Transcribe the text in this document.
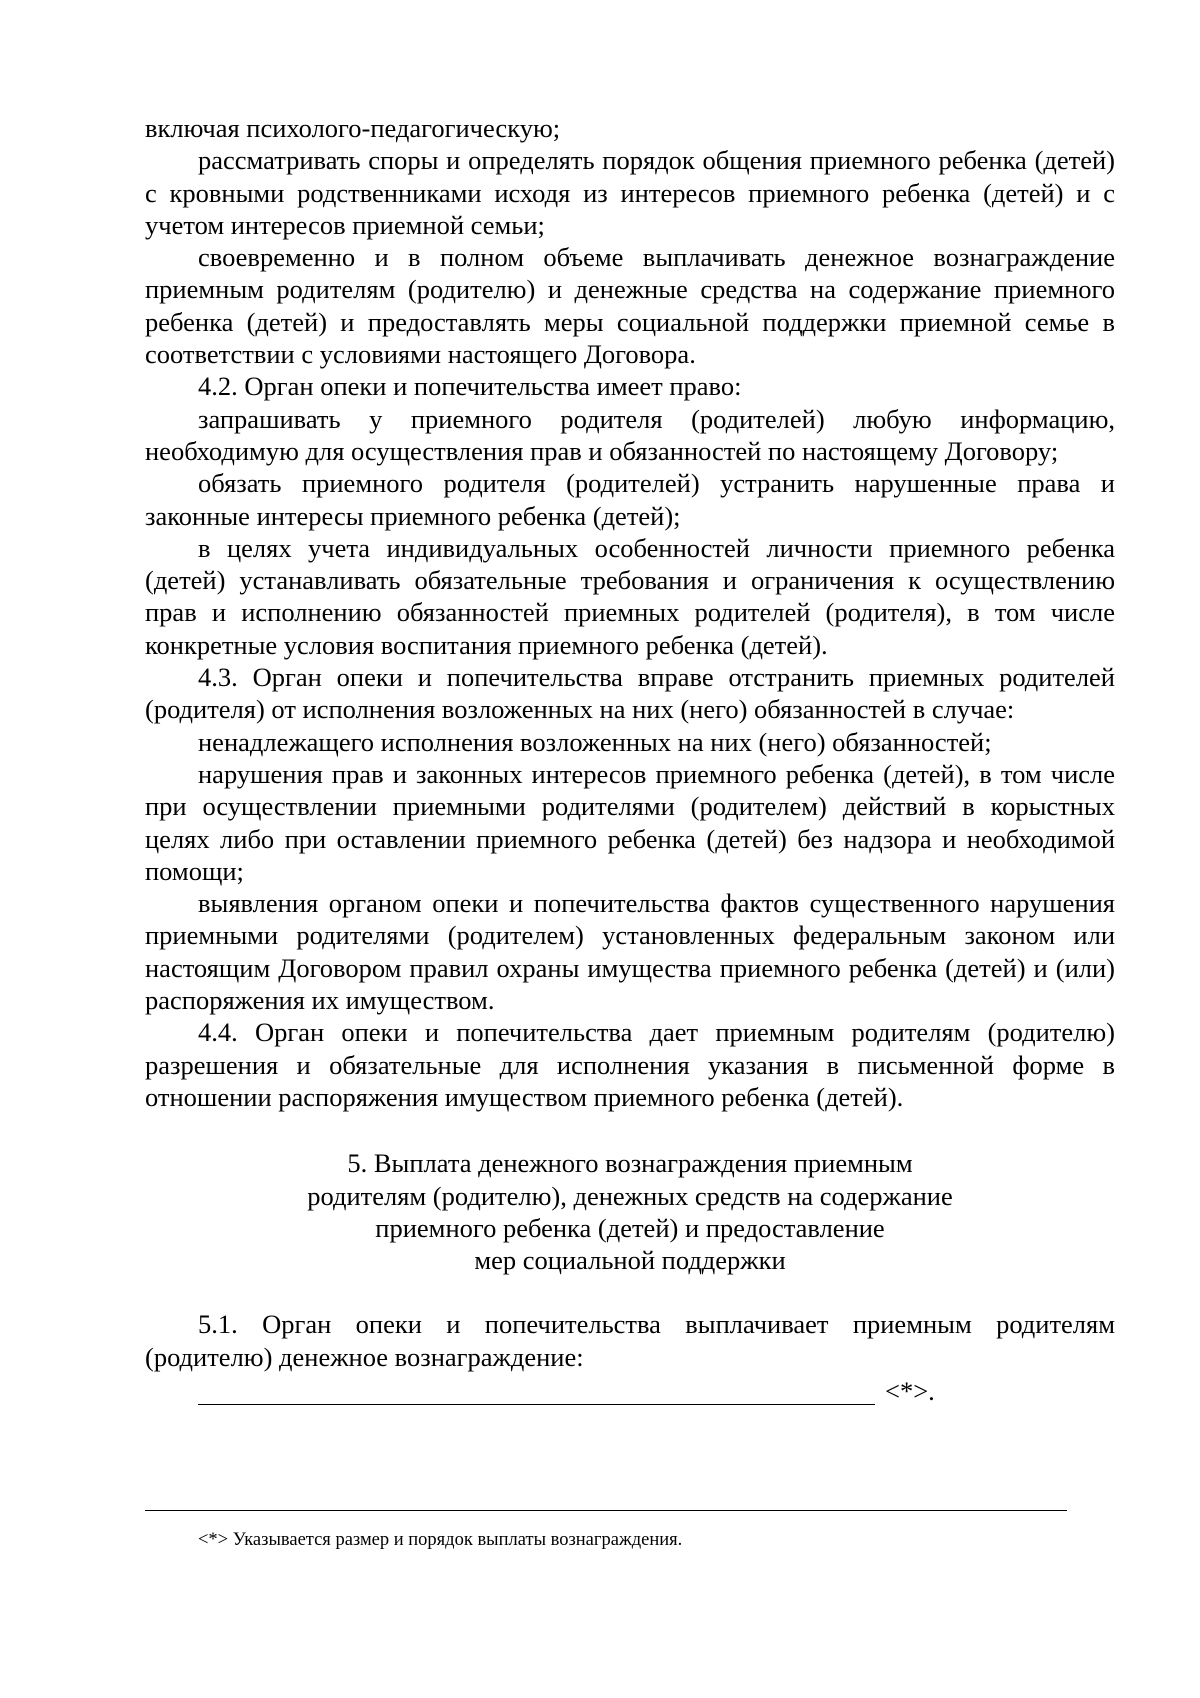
включая психолого-педагогическую;

рассматривать споры и определять порядок общения приемного ребенка (детей) с кровными родственниками исходя из интересов приемного ребенка (детей) и с учетом интересов приемной семьи;

своевременно и в полном объеме выплачивать денежное вознаграждение приемным родителям (родителю) и денежные средства на содержание приемного ребенка (детей) и предоставлять меры социальной поддержки приемной семье в соответствии с условиями настоящего Договора.

4.2. Орган опеки и попечительства имеет право:

запрашивать у приемного родителя (родителей) любую информацию, необходимую для осуществления прав и обязанностей по настоящему Договору;

обязать приемного родителя (родителей) устранить нарушенные права и законные интересы приемного ребенка (детей);

в целях учета индивидуальных особенностей личности приемного ребенка (детей) устанавливать обязательные требования и ограничения к осуществлению прав и исполнению обязанностей приемных родителей (родителя), в том числе конкретные условия воспитания приемного ребенка (детей).

4.3. Орган опеки и попечительства вправе отстранить приемных родителей (родителя) от исполнения возложенных на них (него) обязанностей в случае:

ненадлежащего исполнения возложенных на них (него) обязанностей;

нарушения прав и законных интересов приемного ребенка (детей), в том числе при осуществлении приемными родителями (родителем) действий в корыстных целях либо при оставлении приемного ребенка (детей) без надзора и необходимой помощи;

выявления органом опеки и попечительства фактов существенного нарушения приемными родителями (родителем) установленных федеральным законом или настоящим Договором правил охраны имущества приемного ребенка (детей) и (или) распоряжения их имуществом.

4.4. Орган опеки и попечительства дает приемным родителям (родителю) разрешения и обязательные для исполнения указания в письменной форме в отношении распоряжения имуществом приемного ребенка (детей).

5. Выплата денежного вознаграждения приемным
родителям (родителю), денежных средств на содержание
приемного ребенка (детей) и предоставление
мер социальной поддержки

5.1. Орган опеки и попечительства выплачивает приемным родителям (родителю) денежное вознаграждение:

<*>.
<*> Указывается размер и порядок выплаты вознаграждения.
